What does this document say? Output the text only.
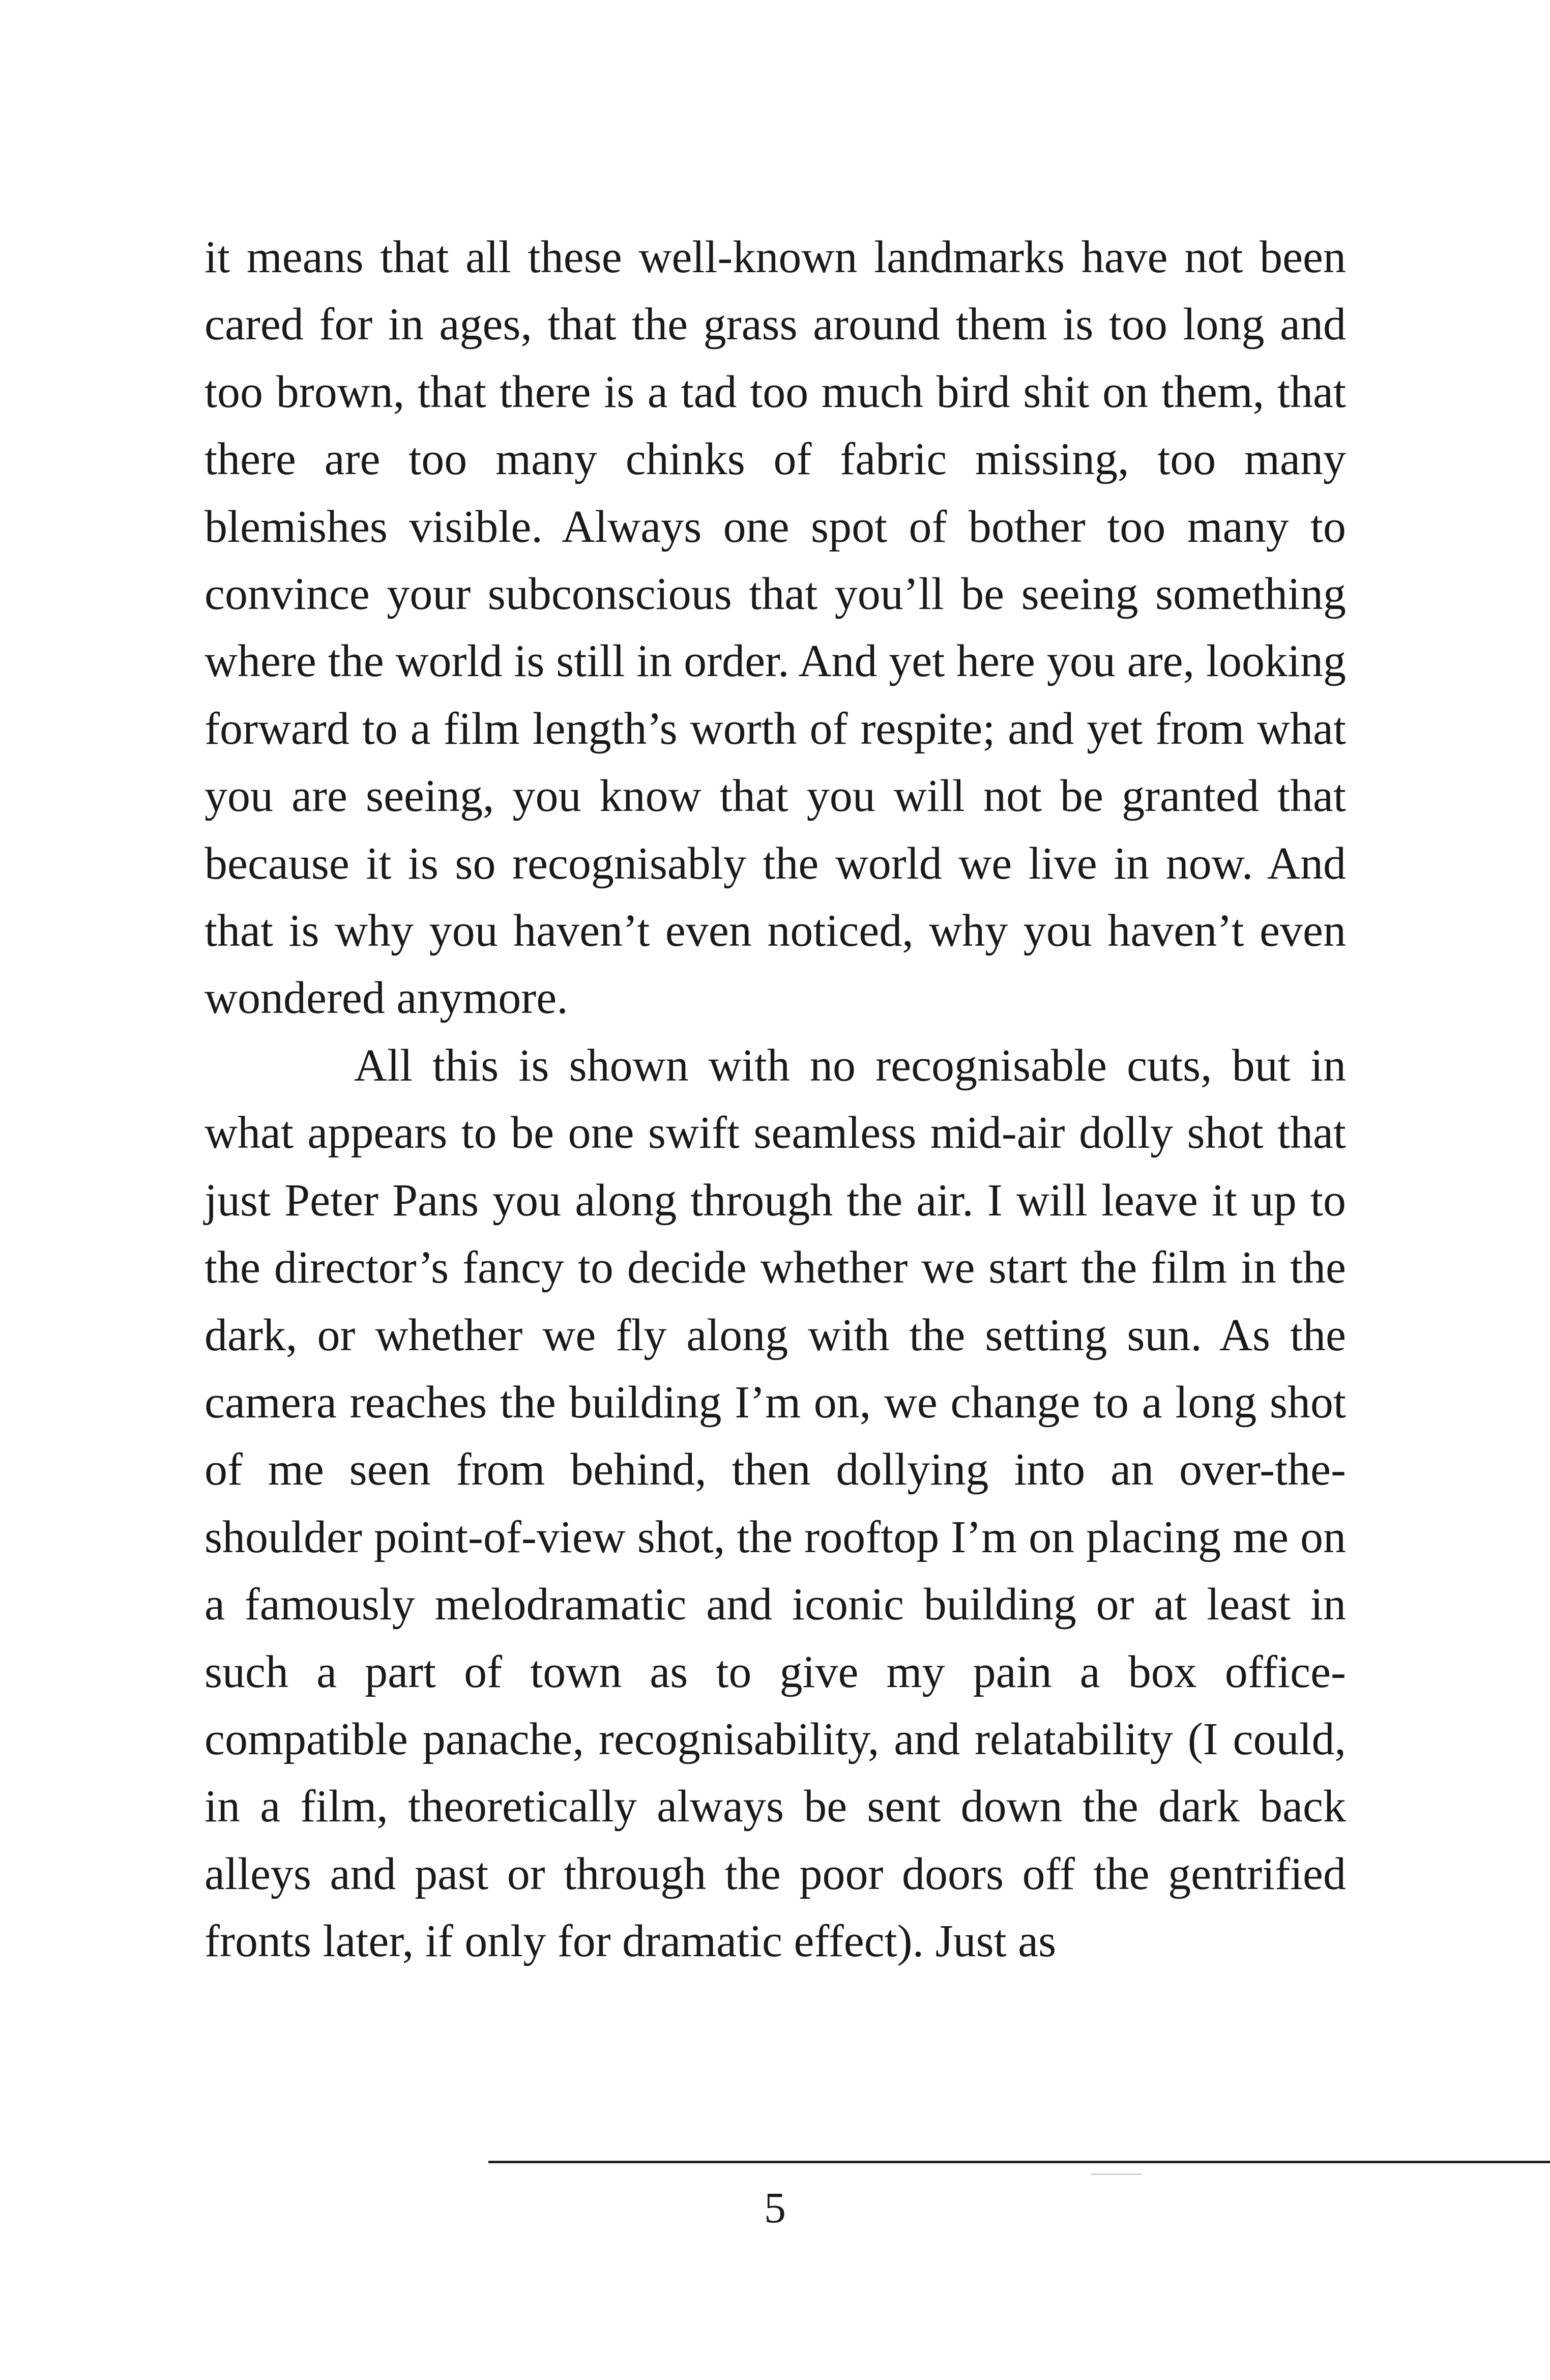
it means that all these well-known landmarks have not been cared for in ages, that the grass around them is too long and too brown, that there is a tad too much bird shit on them, that there are too many chinks of fabric missing, too many blemishes visible. Always one spot of bother too many to convince your subconscious that you’ll be seeing something where the world is still in order. And yet here you are, looking forward to a film length’s worth of respite; and yet from what you are seeing, you know that you will not be granted that because it is so recognisably the world we live in now. And that is why you haven’t even noticed, why you haven’t even wondered anymore.

All this is shown with no recognisable cuts, but in what appears to be one swift seamless mid-air dolly shot that just Peter Pans you along through the air. I will leave it up to the director’s fancy to decide whether we start the film in the dark, or whether we fly along with the setting sun. As the camera reaches the building I’m on, we change to a long shot of me seen from behind, then dollying into an over-the-shoulder point-of-view shot, the rooftop I’m on placing me on a famously melodramatic and iconic building or at least in such a part of town as to give my pain a box office-compatible panache, recognisability, and relatability (I could, in a film, theoretically always be sent down the dark back alleys and past or through the poor doors off the gentrified fronts later, if only for dramatic effect). Just as

5
